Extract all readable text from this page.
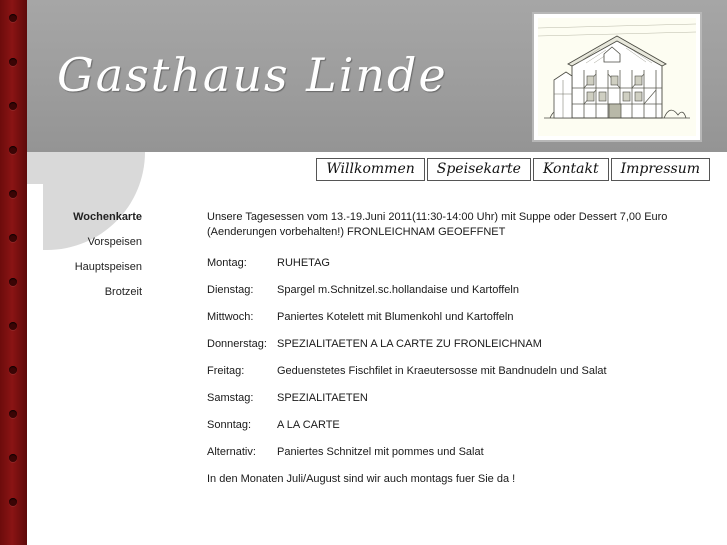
Gasthaus Linde
Willkommen	Speisekarte	Kontakt	Impressum
Wochenkarte
Vorspeisen
Hauptspeisen
Brotzeit
Unsere Tagesessen vom 13.-19.Juni 2011(11:30-14:00 Uhr) mit Suppe oder Dessert 7,00 Euro (Aenderungen vorbehalten!) FRONLEICHNAM GEOEFFNET
Montag:	RUHETAG
Dienstag:	Spargel m.Schnitzel.sc.hollandaise und Kartoffeln
Mittwoch:	Paniertes Kotelett mit Blumenkohl und Kartoffeln
Donnerstag: SPEZIALITAETEN A LA CARTE ZU FRONLEICHNAM
Freitag:	Geduenstetes Fischfilet in Kraeutersosse mit Bandnudeln und Salat
Samstag:	SPEZIALITAETEN
Sonntag:	A LA CARTE
Alternativ:	Paniertes Schnitzel mit pommes und Salat
In den Monaten Juli/August sind wir auch montags fuer Sie da !
